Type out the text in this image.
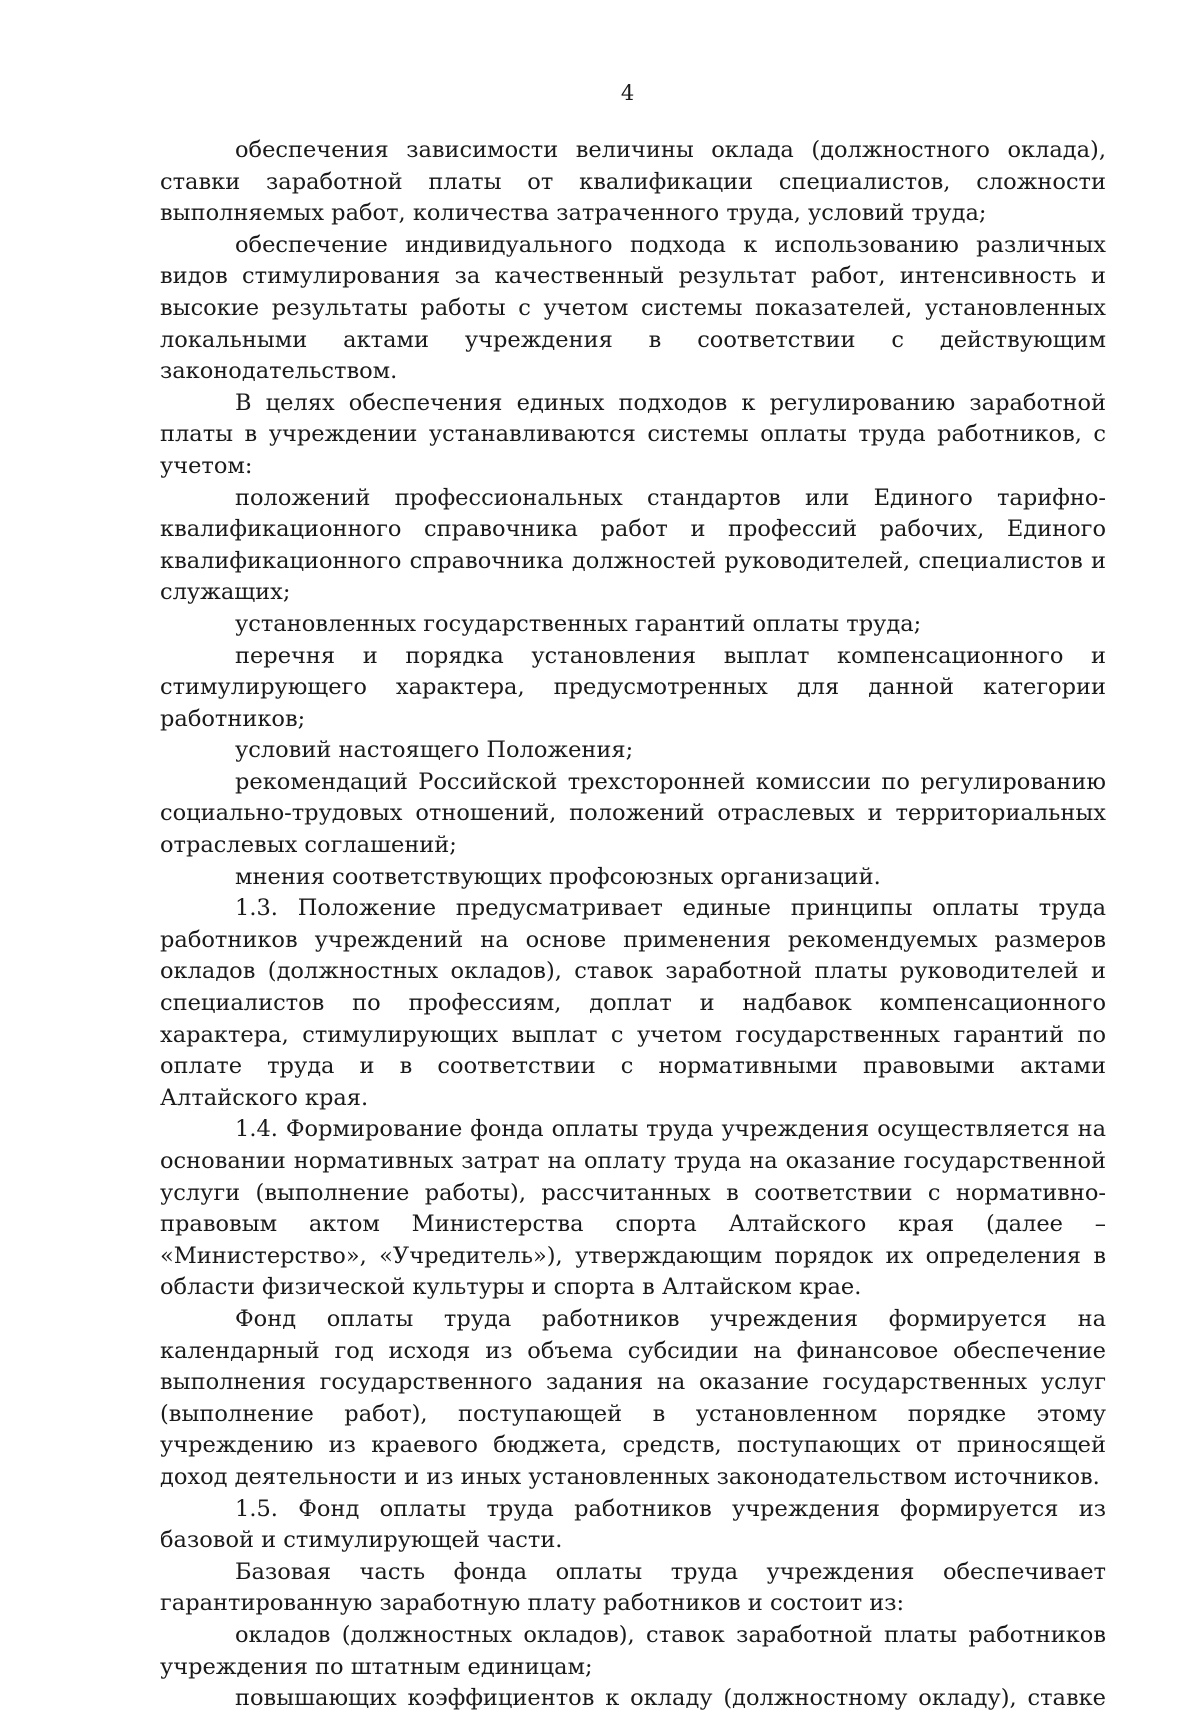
4

обеспечения зависимости величины оклада (должностного оклада), ставки заработной платы от квалификации специалистов, сложности выполняемых работ, количества затраченного труда, условий труда;

обеспечение индивидуального подхода к использованию различных видов стимулирования за качественный результат работ, интенсивность и высокие результаты работы с учетом системы показателей, установленных локальными актами учреждения в соответствии с действующим законодательством.

В целях обеспечения единых подходов к регулированию заработной платы в учреждении устанавливаются системы оплаты труда работников, с учетом:

положений профессиональных стандартов или Единого тарифно-квалификационного справочника работ и профессий рабочих, Единого квалификационного справочника должностей руководителей, специалистов и служащих;

установленных государственных гарантий оплаты труда;

перечня и порядка установления выплат компенсационного и стимулирующего характера, предусмотренных для данной категории работников;

условий настоящего Положения;

рекомендаций Российской трехсторонней комиссии по регулированию социально-трудовых отношений, положений отраслевых и территориальных отраслевых соглашений;

мнения соответствующих профсоюзных организаций.

1.3. Положение предусматривает единые принципы оплаты труда работников учреждений на основе применения рекомендуемых размеров окладов (должностных окладов), ставок заработной платы руководителей и специалистов по профессиям, доплат и надбавок компенсационного характера, стимулирующих выплат с учетом государственных гарантий по оплате труда и в соответствии с нормативными правовыми актами Алтайского края.

1.4. Формирование фонда оплаты труда учреждения осуществляется на основании нормативных затрат на оплату труда на оказание государственной услуги (выполнение работы), рассчитанных в соответствии с нормативно-правовым актом Министерства спорта Алтайского края (далее – «Министерство», «Учредитель»), утверждающим порядок их определения в области физической культуры и спорта в Алтайском крае.

Фонд оплаты труда работников учреждения формируется на календарный год исходя из объема субсидии на финансовое обеспечение выполнения государственного задания на оказание государственных услуг (выполнение работ), поступающей в установленном порядке этому учреждению из краевого бюджета, средств, поступающих от приносящей доход деятельности и из иных установленных законодательством источников.

1.5. Фонд оплаты труда работников учреждения формируется из базовой и стимулирующей части.

Базовая часть фонда оплаты труда учреждения обеспечивает гарантированную заработную плату работников и состоит из:

окладов (должностных окладов), ставок заработной платы работников учреждения по штатным единицам;

повышающих коэффициентов к окладу (должностному окладу), ставке
